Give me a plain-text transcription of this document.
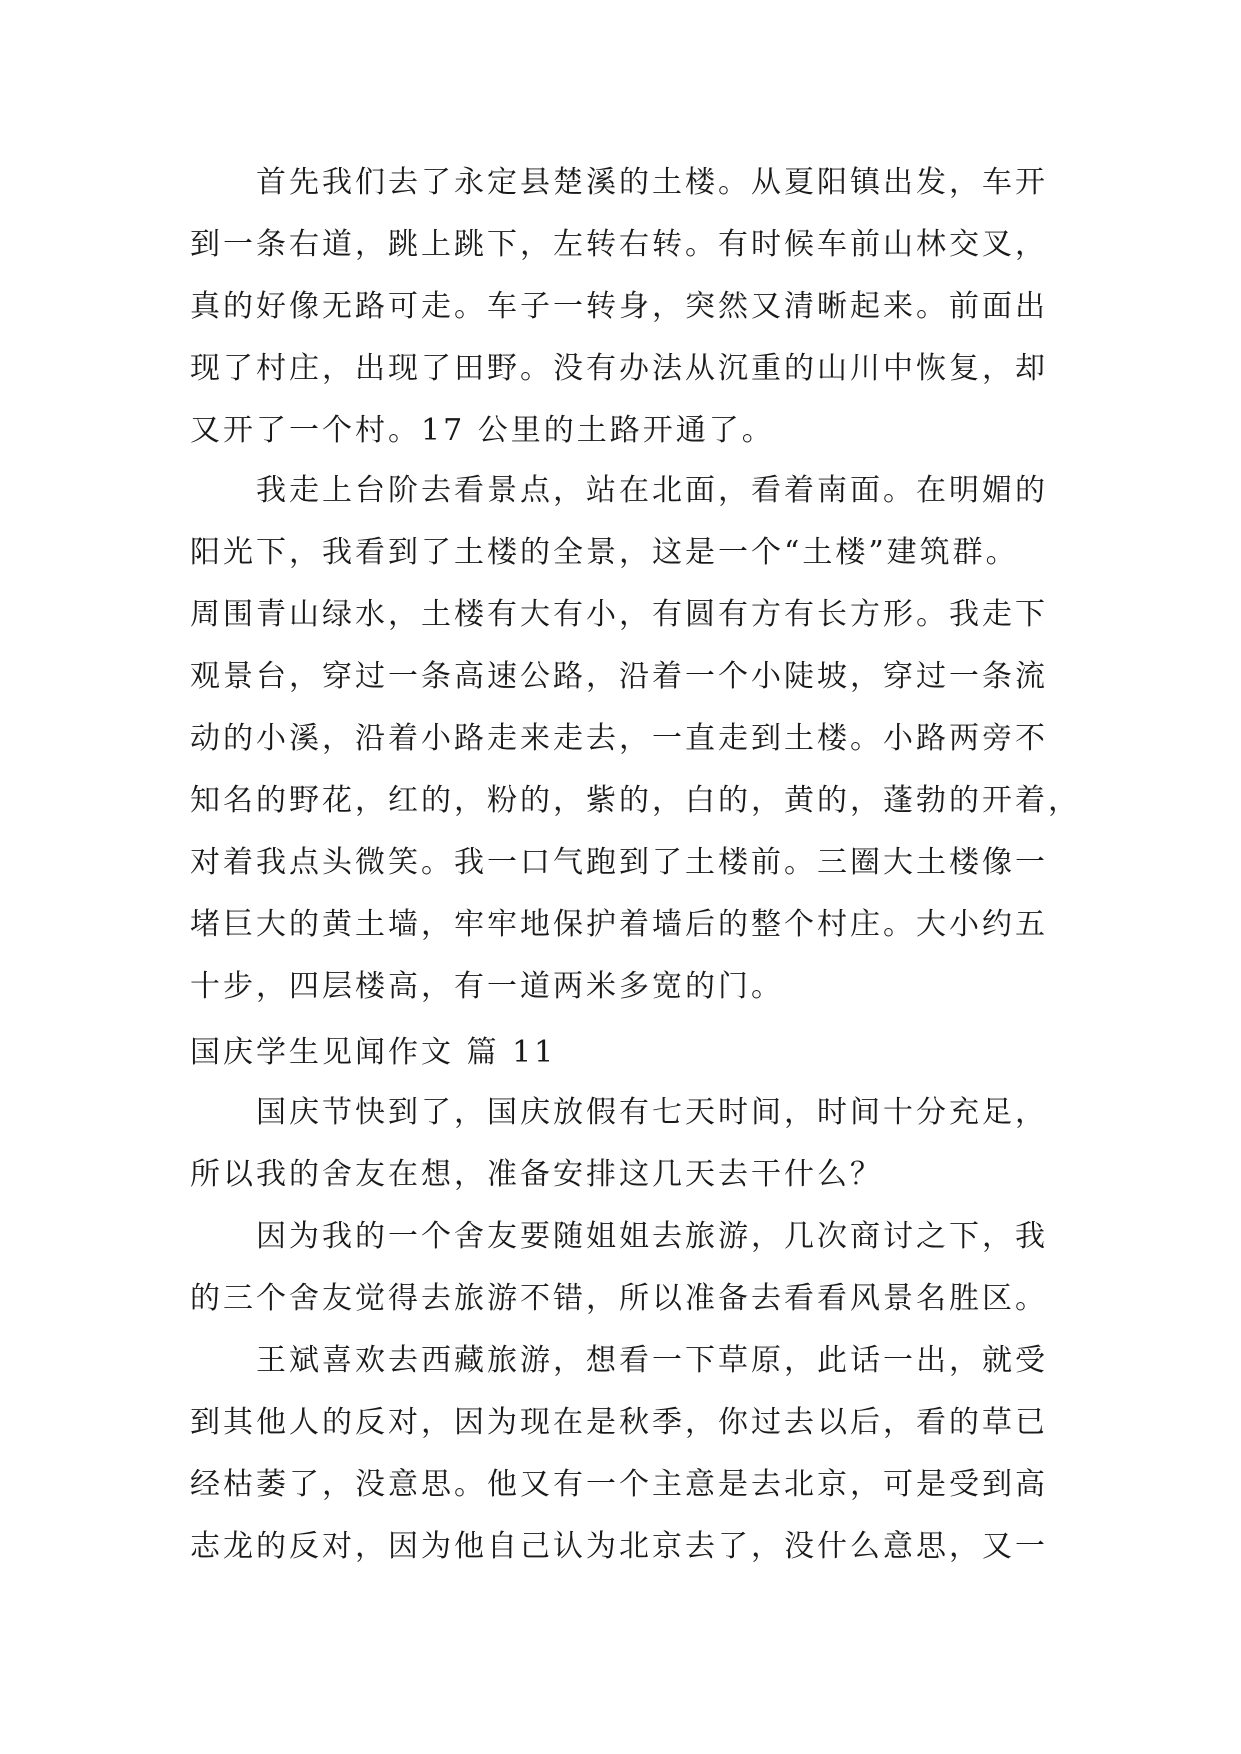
首先我们去了永定县楚溪的土楼。从夏阳镇出发，车开
到一条右道，跳上跳下，左转右转。有时候车前山林交叉，
真的好像无路可走。车子一转身，突然又清晰起来。前面出
现了村庄，出现了田野。没有办法从沉重的山川中恢复，却
又开了一个村。17 公里的土路开通了。
我走上台阶去看景点，站在北面，看着南面。在明媚的
阳光下，我看到了土楼的全景，这是一个“土楼”建筑群。
周围青山绿水，土楼有大有小，有圆有方有长方形。我走下
观景台，穿过一条高速公路，沿着一个小陡坡，穿过一条流
动的小溪，沿着小路走来走去，一直走到土楼。小路两旁不
知名的野花，红的，粉的，紫的，白的，黄的，蓬勃的开着，
对着我点头微笑。我一口气跑到了土楼前。三圈大土楼像一
堵巨大的黄土墙，牢牢地保护着墙后的整个村庄。大小约五
十步，四层楼高，有一道两米多宽的门。
国庆学生见闻作文 篇 11
国庆节快到了，国庆放假有七天时间，时间十分充足，
所以我的舍友在想，准备安排这几天去干什么？
因为我的一个舍友要随姐姐去旅游，几次商讨之下，我
的三个舍友觉得去旅游不错，所以准备去看看风景名胜区。
王斌喜欢去西藏旅游，想看一下草原，此话一出，就受
到其他人的反对，因为现在是秋季，你过去以后，看的草已
经枯萎了，没意思。他又有一个主意是去北京，可是受到高
志龙的反对，因为他自己认为北京去了，没什么意思，又一
